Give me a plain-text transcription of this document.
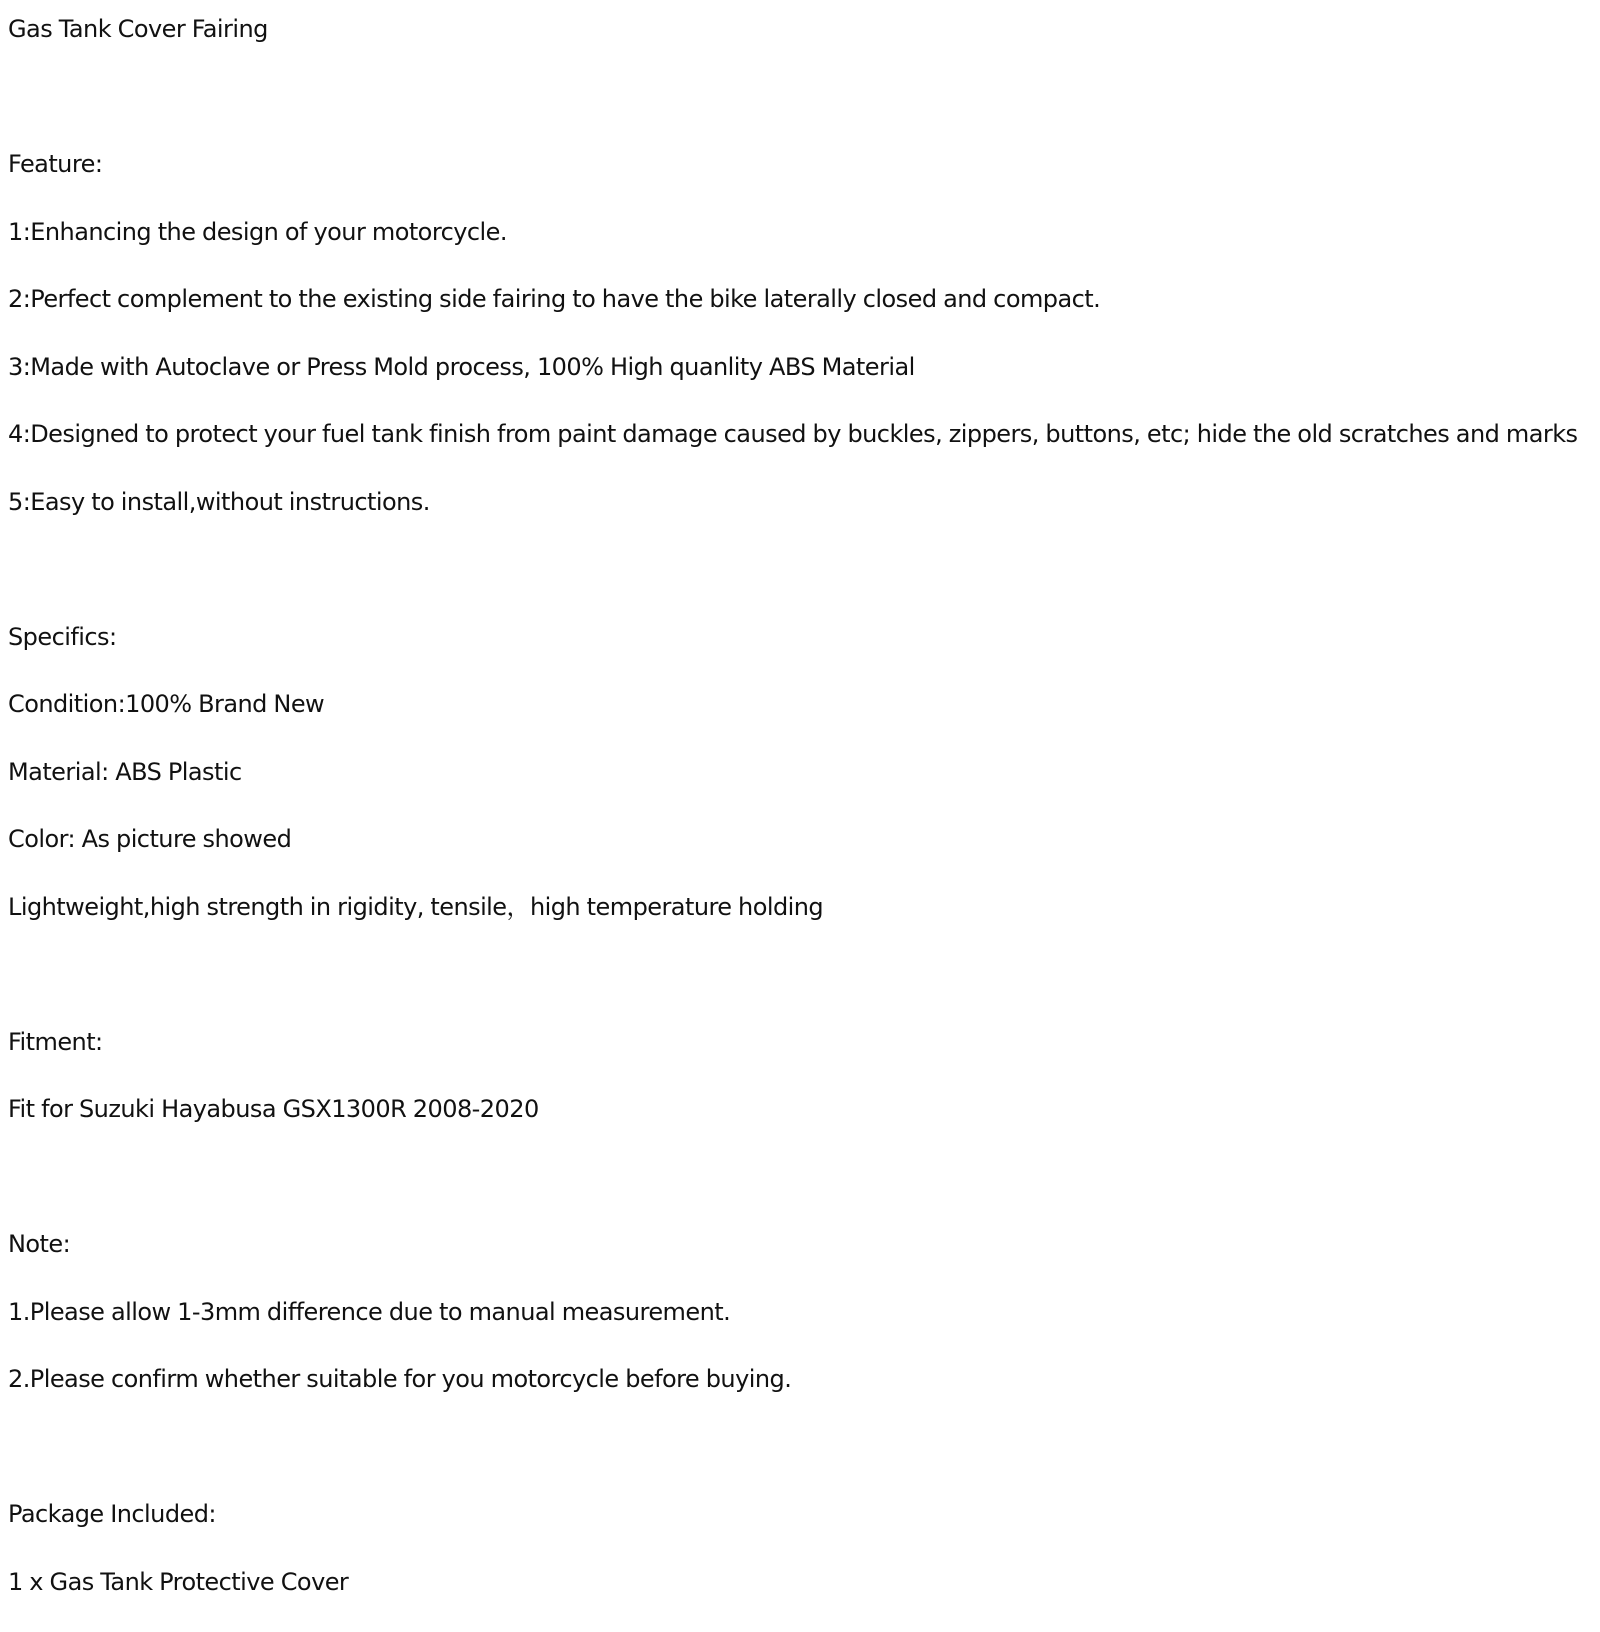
Gas Tank Cover Fairing

Feature:

1:Enhancing the design of your motorcycle.

2:Perfect complement to the existing side fairing to have the bike laterally closed and compact.

3:Made with Autoclave or Press Mold process, 100% High quanlity ABS Material

4:Designed to protect your fuel tank finish from paint damage caused by buckles, zippers, buttons, etc; hide the old scratches and marks

5:Easy to install,without instructions.

Specifics:

Condition:100% Brand New

Material: ABS Plastic

Color: As picture showed

Lightweight,high strength in rigidity, tensile，high temperature holding

Fitment:

Fit for Suzuki Hayabusa GSX1300R 2008-2020

Note:

1.Please allow 1-3mm difference due to manual measurement.

2.Please confirm whether suitable for you motorcycle before buying.

Package Included:

1 x Gas Tank Protective Cover
